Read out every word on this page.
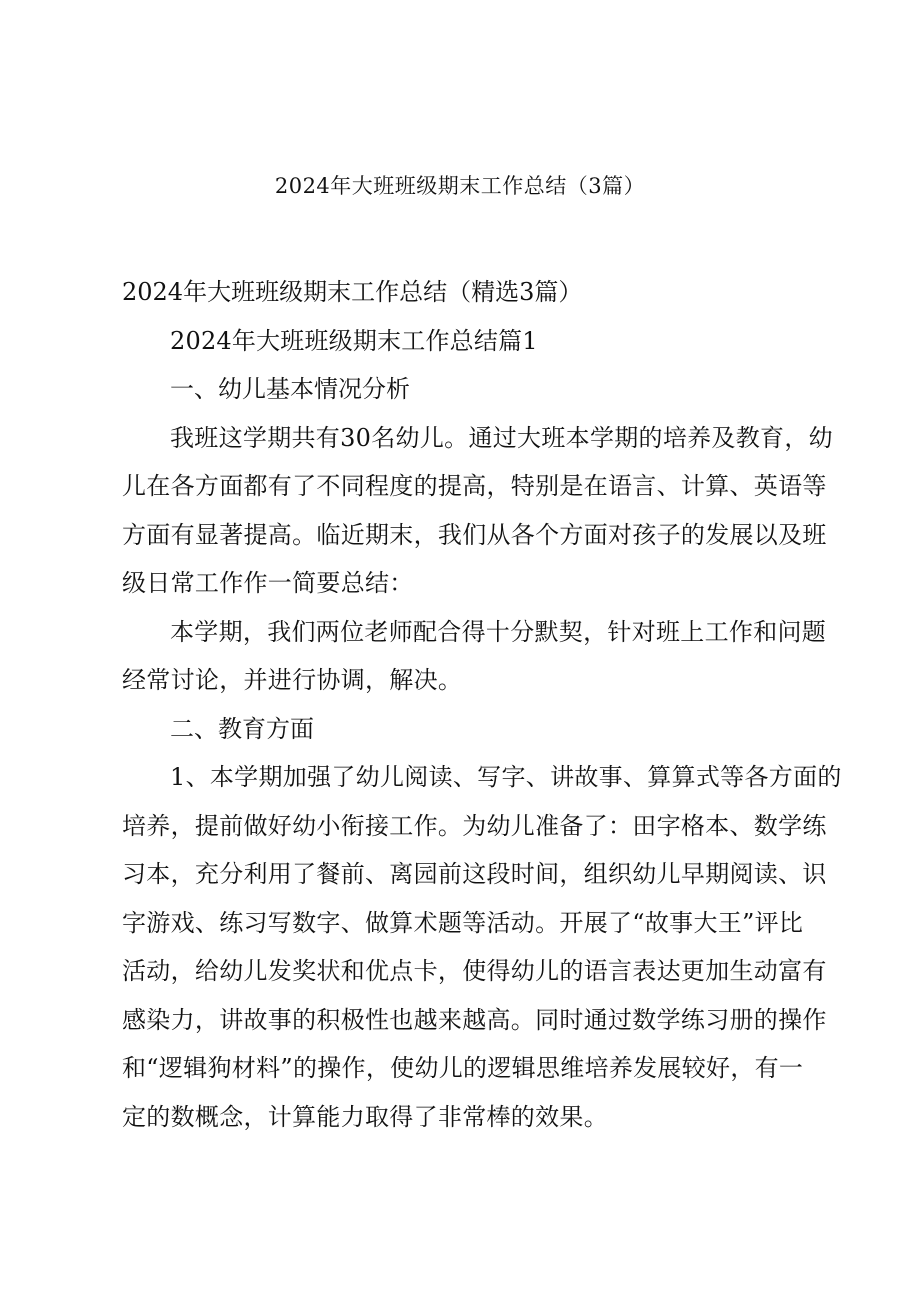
2024年大班班级期末工作总结（3篇）

2024年大班班级期末工作总结（精选3篇）

2024年大班班级期末工作总结篇1

一、幼儿基本情况分析

我班这学期共有30名幼儿。通过大班本学期的培养及教育，幼

儿在各方面都有了不同程度的提高，特别是在语言、计算、英语等

方面有显著提高。临近期末，我们从各个方面对孩子的发展以及班

级日常工作作一简要总结：

本学期，我们两位老师配合得十分默契，针对班上工作和问题

经常讨论，并进行协调，解决。

二、教育方面

1、本学期加强了幼儿阅读、写字、讲故事、算算式等各方面的

培养，提前做好幼小衔接工作。为幼儿准备了：田字格本、数学练

习本，充分利用了餐前、离园前这段时间，组织幼儿早期阅读、识

字游戏、练习写数字、做算术题等活动。开展了“故事大王”评比

活动，给幼儿发奖状和优点卡，使得幼儿的语言表达更加生动富有

感染力，讲故事的积极性也越来越高。同时通过数学练习册的操作

和“逻辑狗材料”的操作，使幼儿的逻辑思维培养发展较好，有一

定的数概念，计算能力取得了非常棒的效果。
